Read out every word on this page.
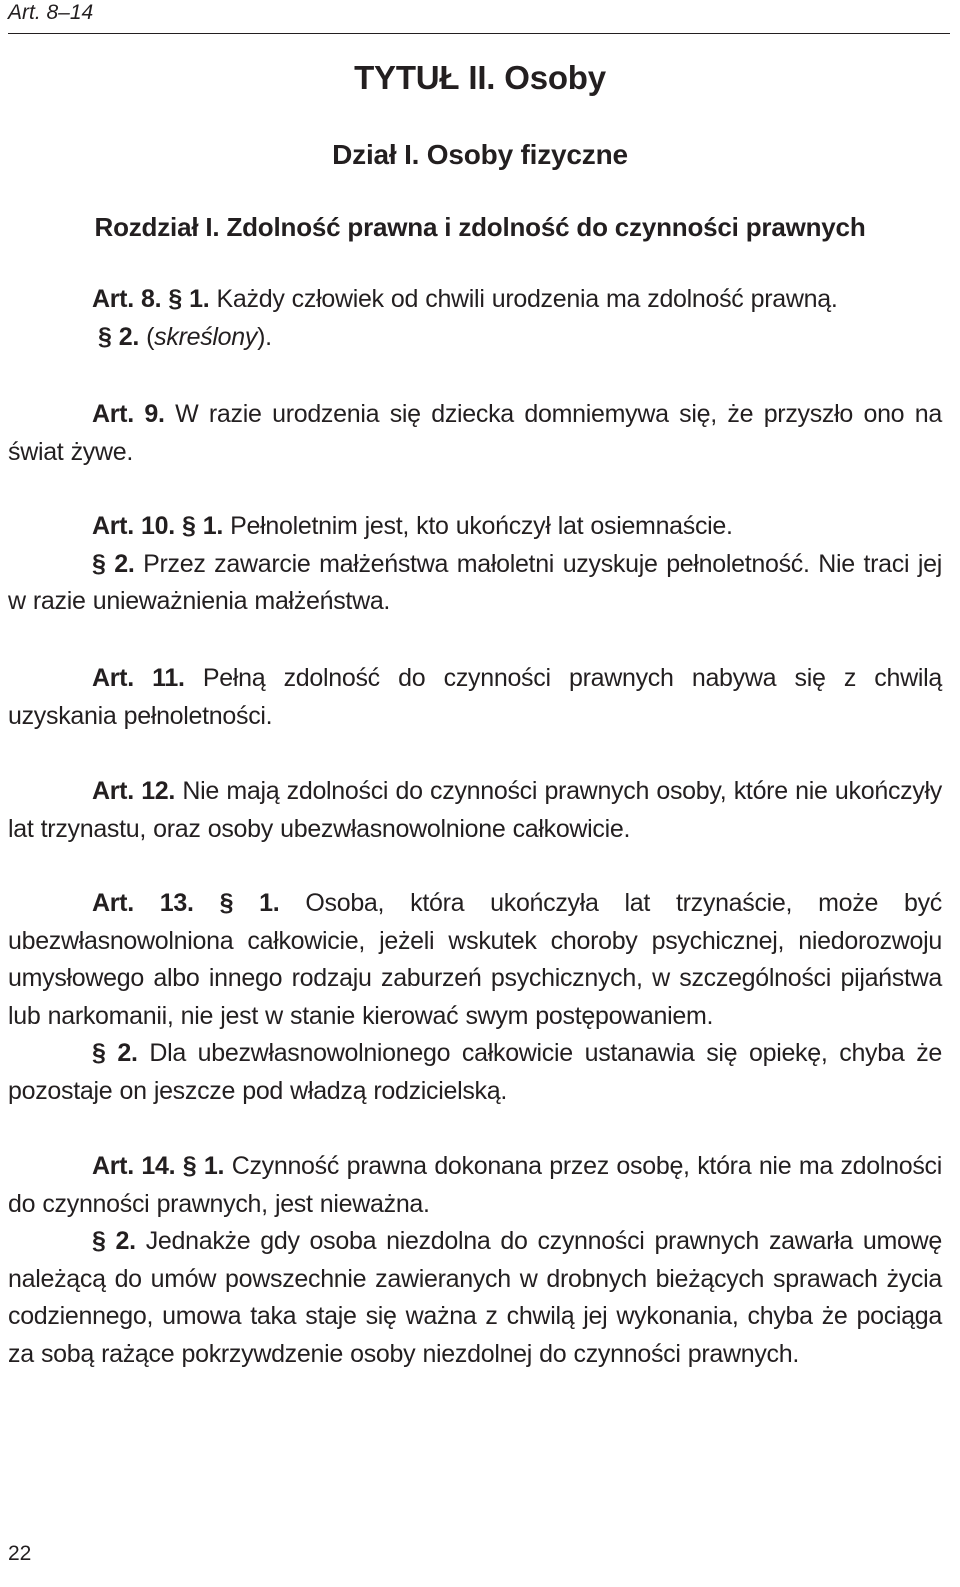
Art. 8–14
TYTUŁ II. Osoby
Dział I. Osoby fizyczne
Rozdział I. Zdolność prawna i zdolność do czynności prawnych
Art. 8. § 1. Każdy człowiek od chwili urodzenia ma zdolność prawną.
§ 2. (skreślony).
Art. 9. W razie urodzenia się dziecka domniemywa się, że przyszło ono na świat żywe.
Art. 10. § 1. Pełnoletnim jest, kto ukończył lat osiemnaście.
§ 2. Przez zawarcie małżeństwa małoletni uzyskuje pełnoletność. Nie traci jej w razie unieważnienia małżeństwa.
Art. 11. Pełną zdolność do czynności prawnych nabywa się z chwilą uzyskania pełnoletności.
Art. 12. Nie mają zdolności do czynności prawnych osoby, które nie ukończyły lat trzynastu, oraz osoby ubezwłasnowolnione całkowicie.
Art. 13. § 1. Osoba, która ukończyła lat trzynaście, może być ubezwłasnowolniona całkowicie, jeżeli wskutek choroby psychicznej, niedorozwoju umysłowego albo innego rodzaju zaburzeń psychicznych, w szczególności pijaństwa lub narkomanii, nie jest w stanie kierować swym postępowaniem.
§ 2. Dla ubezwłasnowolnionego całkowicie ustanawia się opiekę, chyba że pozostaje on jeszcze pod władzą rodzicielską.
Art. 14. § 1. Czynność prawna dokonana przez osobę, która nie ma zdolności do czynności prawnych, jest nieważna.
§ 2. Jednakże gdy osoba niezdolna do czynności prawnych zawarła umowę należącą do umów powszechnie zawieranych w drobnych bieżących sprawach życia codziennego, umowa taka staje się ważna z chwilą jej wykonania, chyba że pociąga za sobą rażące pokrzywdzenie osoby niezdolnej do czynności prawnych.
22
